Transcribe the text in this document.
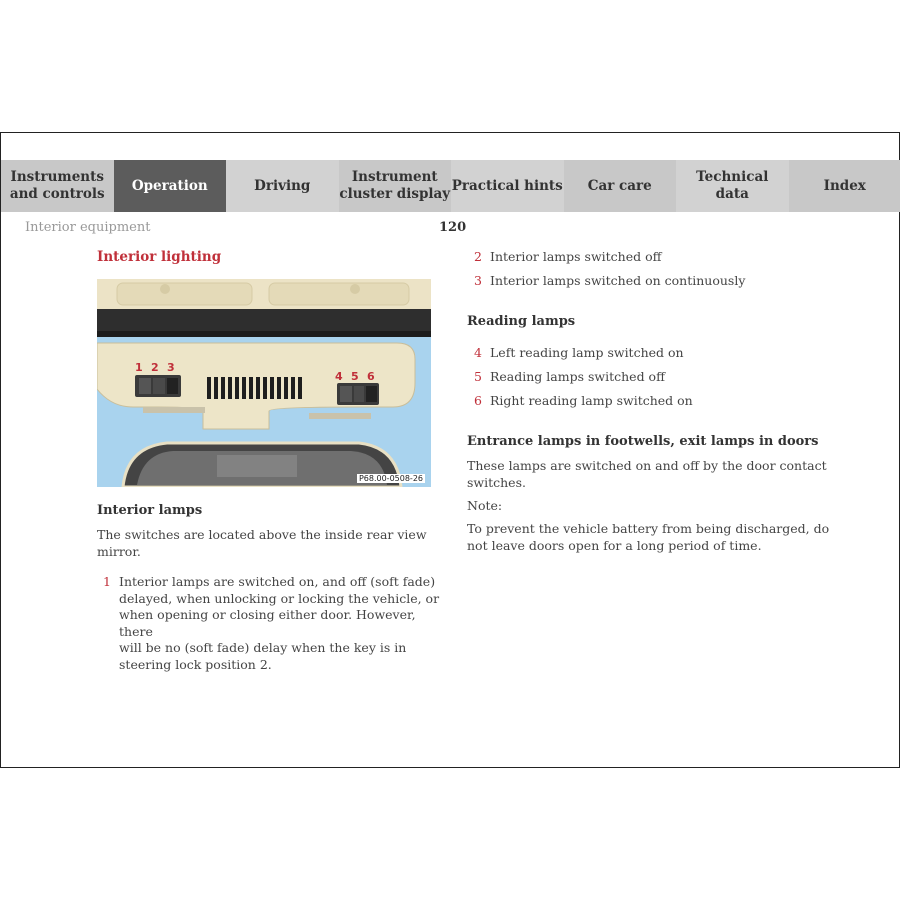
Instruments
and controls
Operation	Driving
Instrument
cluster display
Practical hints Car care
Technical
data
Index
Interior equipment	120
Interior lighting
1 2 3
4 5 6
P68.00-0508-26
Interior lamps
The switches are located above the inside rear view mirror.
1 Interior lamps are switched on, and off (soft fade)
delayed, when unlocking or locking the vehicle, or
when opening or closing either door. However, there
will be no (soft fade) delay when the key is in
steering lock position 2.
2 Interior lamps switched off
3 Interior lamps switched on continuously
Reading lamps
4 Left reading lamp switched on
5 Reading lamps switched off
6 Right reading lamp switched on
Entrance lamps in footwells, exit lamps in doors
These lamps are switched on and off by the door contact
switches.
Note:
To prevent the vehicle battery from being discharged, do
not leave doors open for a long period of time.
